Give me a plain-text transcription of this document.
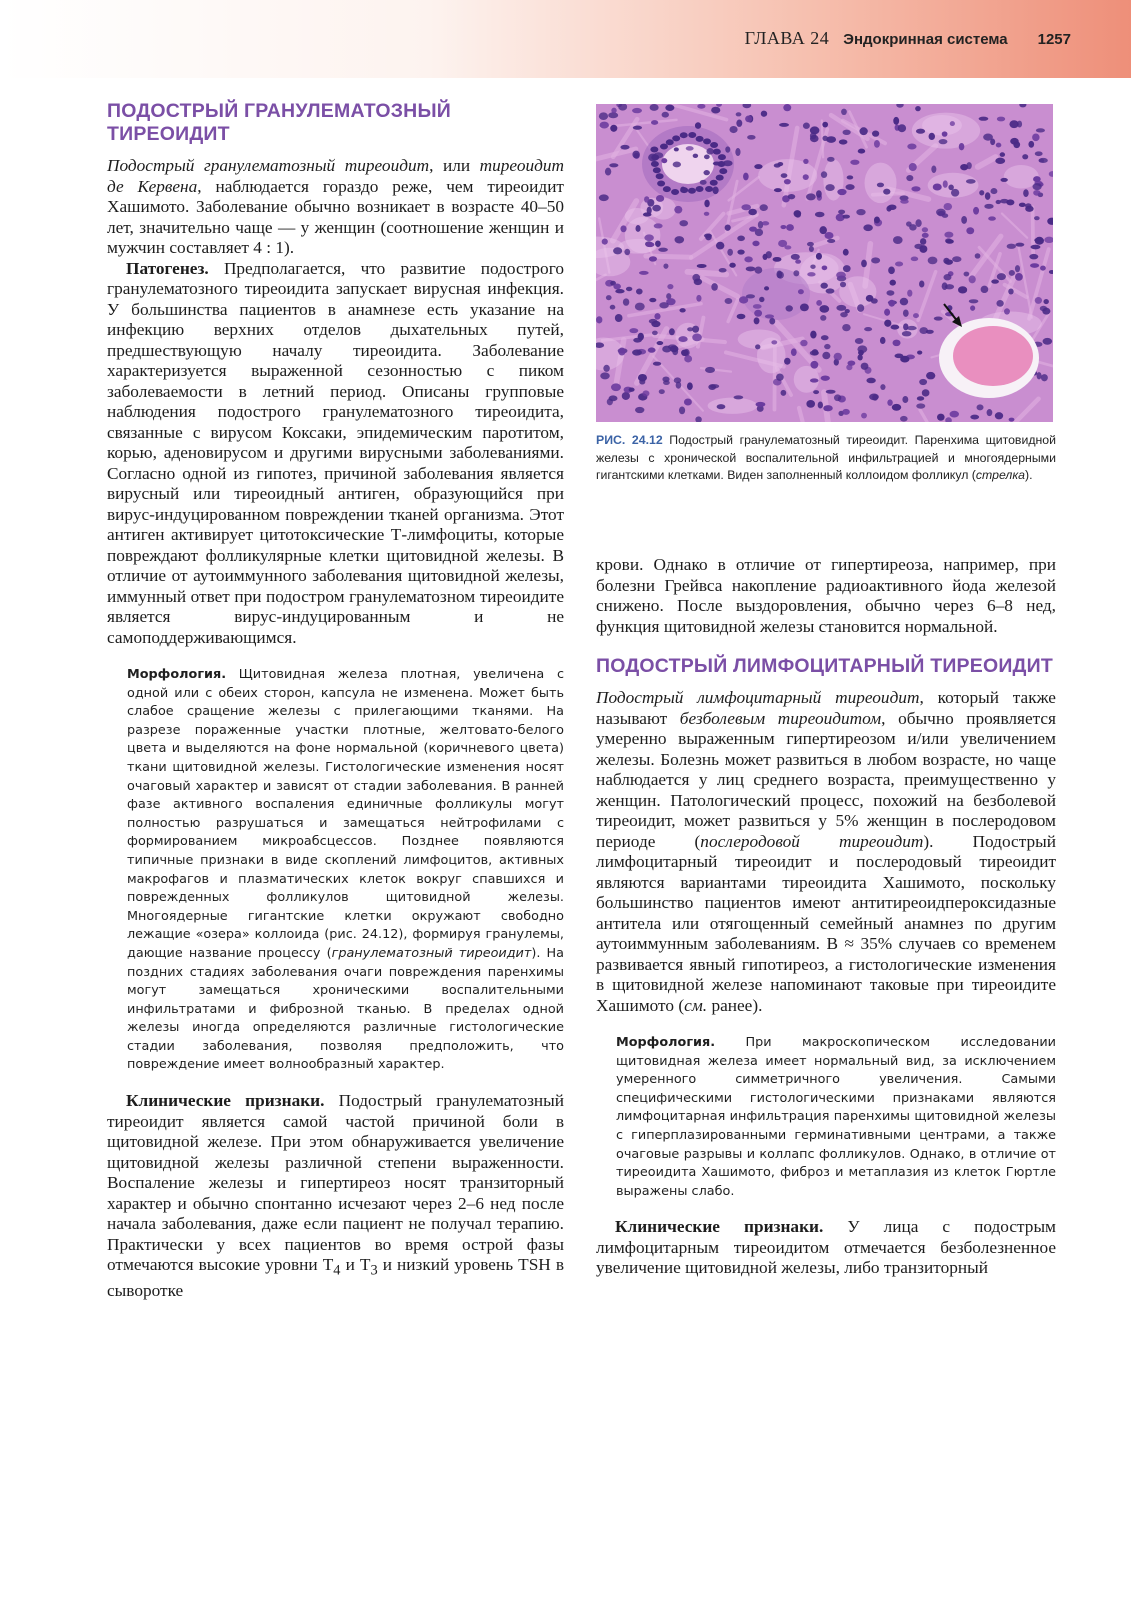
ГЛАВА 24 Эндокринная система 1257
ПОДОСТРЫЙ ГРАНУЛЕМАТОЗНЫЙ ТИРЕОИДИТ

Подострый гранулематозный тиреоидит, или тиреоидит де Кервена, наблюдается гораздо реже, чем тиреоидит Хашимото. Заболевание обычно возникает в возрасте 40–50 лет, значительно чаще — у женщин (соотношение женщин и мужчин составляет 4 : 1).

Патогенез. Предполагается, что развитие подострого гранулематозного тиреоидита запускает вирусная инфекция. У большинства пациентов в анамнезе есть указание на инфекцию верхних отделов дыхательных путей, предшествующую началу тиреоидита. Заболевание характеризуется выраженной сезонностью с пиком заболеваемости в летний период. Описаны групповые наблюдения подострого гранулематозного тиреоидита, связанные с вирусом Коксаки, эпидемическим паротитом, корью, аденовирусом и другими вирусными заболеваниями. Согласно одной из гипотез, причиной заболевания является вирусный или тиреоидный антиген, образующийся при вирус-индуцированном повреждении тканей организма. Этот антиген активирует цитотоксические Т-лимфоциты, которые повреждают фолликулярные клетки щитовидной железы. В отличие от аутоиммунного заболевания щитовидной железы, иммунный ответ при подостром гранулематозном тиреоидите является вирус-индуцированным и не самоподдерживающимся.

Морфология. Щитовидная железа плотная, увеличена с одной или с обеих сторон, капсула не изменена. Может быть слабое сращение железы с прилегающими тканями. На разрезе пораженные участки плотные, желтовато-белого цвета и выделяются на фоне нормальной (коричневого цвета) ткани щитовидной железы. Гистологические изменения носят очаговый характер и зависят от стадии заболевания. В ранней фазе активного воспаления единичные фолликулы могут полностью разрушаться и замещаться нейтрофилами с формированием микроабсцессов. Позднее появляются типичные признаки в виде скоплений лимфоцитов, активных макрофагов и плазматических клеток вокруг спавшихся и поврежденных фолликулов щитовидной железы. Многоядерные гигантские клетки окружают свободно лежащие «озера» коллоида (рис. 24.12), формируя гранулемы, дающие название процессу (гранулематозный тиреоидит). На поздних стадиях заболевания очаги повреждения паренхимы могут замещаться хроническими воспалительными инфильтратами и фиброзной тканью. В пределах одной железы иногда определяются различные гистологические стадии заболевания, позволяя предположить, что повреждение имеет волнообразный характер.

Клинические признаки. Подострый гранулематозный тиреоидит является самой частой причиной боли в щитовидной железе. При этом обнаруживается увеличение щитовидной железы различной степени выраженности. Воспаление железы и гипертиреоз носят транзиторный характер и обычно спонтанно исчезают через 2–6 нед после начала заболевания, даже если пациент не получал терапию. Практически у всех пациентов во время острой фазы отмечаются высокие уровни $T_4$ и $T_3$ и низкий уровень TSH в сыворотке

РИС. 24.12 Подострый гранулематозный тиреоидит. Паренхима щитовидной железы с хронической воспалительной инфильтрацией и многоядерными гигантскими клетками. Виден заполненный коллоидом фолликул (стрелка).

крови. Однако в отличие от гипертиреоза, например, при болезни Грейвса накопление радиоактивного йода железой снижено. После выздоровления, обычно через 6–8 нед, функция щитовидной железы становится нормальной.

ПОДОСТРЫЙ ЛИМФОЦИТАРНЫЙ ТИРЕОИДИТ

Подострый лимфоцитарный тиреоидит, который также называют безболевым тиреоидитом, обычно проявляется умеренно выраженным гипертиреозом и/или увеличением железы. Болезнь может развиться в любом возрасте, но чаще наблюдается у лиц среднего возраста, преимущественно у женщин. Патологический процесс, похожий на безболевой тиреоидит, может развиться у 5% женщин в послеродовом периоде (послеродовой тиреоидит). Подострый лимфоцитарный тиреоидит и послеродовый тиреоидит являются вариантами тиреоидита Хашимото, поскольку большинство пациентов имеют антитиреоидпероксидазные антитела или отягощенный семейный анамнез по другим аутоиммунным заболеваниям. В ≈ 35% случаев со временем развивается явный гипотиреоз, а гистологические изменения в щитовидной железе напоминают таковые при тиреоидите Хашимото (см. ранее).

Морфология. При макроскопическом исследовании щитовидная железа имеет нормальный вид, за исключением умеренного симметричного увеличения. Самыми специфическими гистологическими признаками являются лимфоцитарная инфильтрация паренхимы щитовидной железы с гиперплазированными герминативными центрами, а также очаговые разрывы и коллапс фолликулов. Однако, в отличие от тиреоидита Хашимото, фиброз и метаплазия из клеток Гюртле выражены слабо.

Клинические признаки. У лица с подострым лимфоцитарным тиреоидитом отмечается безболезненное увеличение щитовидной железы, либо транзиторный
